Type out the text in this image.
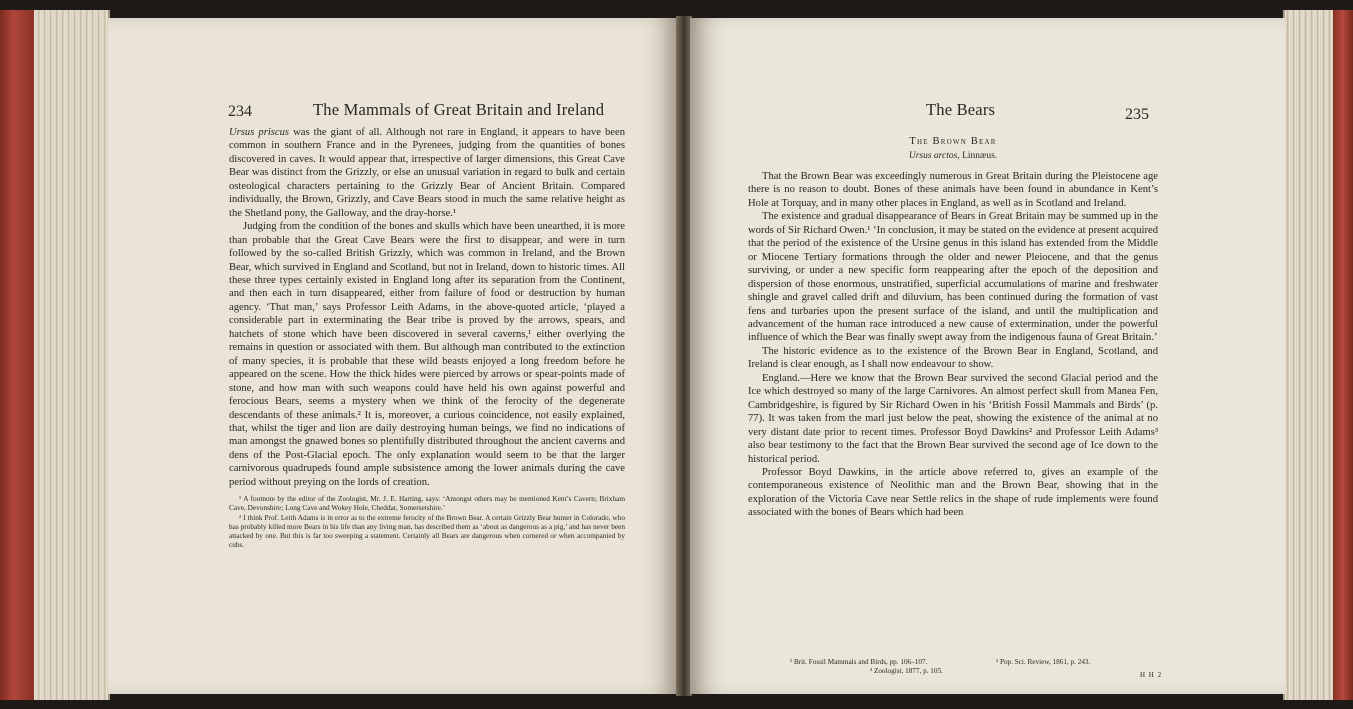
234	The Mammals of Great Britain and Ireland

Ursus priscus was the giant of all. Although not rare in England, it appears to have been common in southern France and in the Pyrenees, judging from the quantities of bones discovered in caves. It would appear that, irrespective of larger dimensions, this Great Cave Bear was distinct from the Grizzly, or else an unusual variation in regard to bulk and certain osteological characters pertaining to the Grizzly Bear of Ancient Britain. Compared individually, the Brown, Grizzly, and Cave Bears stood in much the same relative height as the Shetland pony, the Galloway, and the dray-horse.¹

Judging from the condition of the bones and skulls which have been unearthed, it is more than probable that the Great Cave Bears were the first to disappear, and were in turn followed by the so-called British Grizzly, which was common in Ireland, and the Brown Bear, which survived in England and Scotland, but not in Ireland, down to historic times. All these three types certainly existed in England long after its separation from the Continent, and then each in turn disappeared, either from failure of food or destruction by human agency. ‘That man,’ says Professor Leith Adams, in the above-quoted article, ‘played a considerable part in exterminating the Bear tribe is proved by the arrows, spears, and hatchets of stone which have been discovered in several caverns,¹ either overlying the remains in question or associated with them. But although man contributed to the extinction of many species, it is probable that these wild beasts enjoyed a long freedom before he appeared on the scene. How the thick hides were pierced by arrows or spear-points made of stone, and how man with such weapons could have held his own against powerful and ferocious Bears, seems a mystery when we think of the ferocity of the degenerate descendants of these animals.² It is, moreover, a curious coincidence, not easily explained, that, whilst the tiger and lion are daily destroying human beings, we find no indications of man amongst the gnawed bones so plentifully distributed throughout the ancient caverns and dens of the Post-Glacial epoch. The only explanation would seem to be that the larger carnivorous quadrupeds found ample subsistence among the lower animals during the cave period without preying on the lords of creation.

¹ A footnote by the editor of the Zoologist, Mr. J. E. Harting, says: ‘Amongst others may be mentioned Kent’s Cavern; Brixham Cave, Devonshire; Long Cave and Wokey Hole, Cheddar, Somersetshire.’

² I think Prof. Leith Adams is in error as to the extreme ferocity of the Brown Bear. A certain Grizzly Bear hunter in Colorado, who has probably killed more Bears in his life than any living man, has described them as ‘about as dangerous as a pig,’ and has never been attacked by one. But this is far too sweeping a statement. Certainly all Bears are dangerous when cornered or when accompanied by cubs.

The Bears	235
The Brown Bear
Ursus arctos, Linnæus.

That the Brown Bear was exceedingly numerous in Great Britain during the Pleistocene age there is no reason to doubt. Bones of these animals have been found in abundance in Kent’s Hole at Torquay, and in many other places in England, as well as in Scotland and Ireland.

The existence and gradual disappearance of Bears in Great Britain may be summed up in the words of Sir Richard Owen.¹ ‘In conclusion, it may be stated on the evidence at present acquired that the period of the existence of the Ursine genus in this island has extended from the Middle or Miocene Tertiary formations through the older and newer Pleiocene, and that the genus surviving, or under a new specific form reappearing after the epoch of the deposition and dispersion of those enormous, unstratified, superficial accumulations of marine and freshwater shingle and gravel called drift and diluvium, has been continued during the formation of vast fens and turbaries upon the present surface of the island, and until the multiplication and advancement of the human race introduced a new cause of extermination, under the powerful influence of which the Bear was finally swept away from the indigenous fauna of Great Britain.’

The historic evidence as to the existence of the Brown Bear in England, Scotland, and Ireland is clear enough, as I shall now endeavour to show.

England.—Here we know that the Brown Bear survived the second Glacial period and the Ice which destroyed so many of the large Carnivores. An almost perfect skull from Manea Fen, Cambridgeshire, is figured by Sir Richard Owen in his ‘British Fossil Mammals and Birds’ (p. 77). It was taken from the marl just below the peat, showing the existence of the animal at no very distant date prior to recent times. Professor Boyd Dawkins² and Professor Leith Adams³ also bear testimony to the fact that the Brown Bear survived the second age of Ice down to the historical period.

Professor Boyd Dawkins, in the article above referred to, gives an example of the contemporaneous existence of Neolithic man and the Brown Bear, showing that in the exploration of the Victoria Cave near Settle relics in the shape of rude implements were found associated with the bones of Bears which had been

¹ Brit. Fossil Mammals and Birds, pp. 106–107.	² Pop. Sci. Review, 1861, p. 243.
³ Zoologist, 1877, p. 105.	H H 2
